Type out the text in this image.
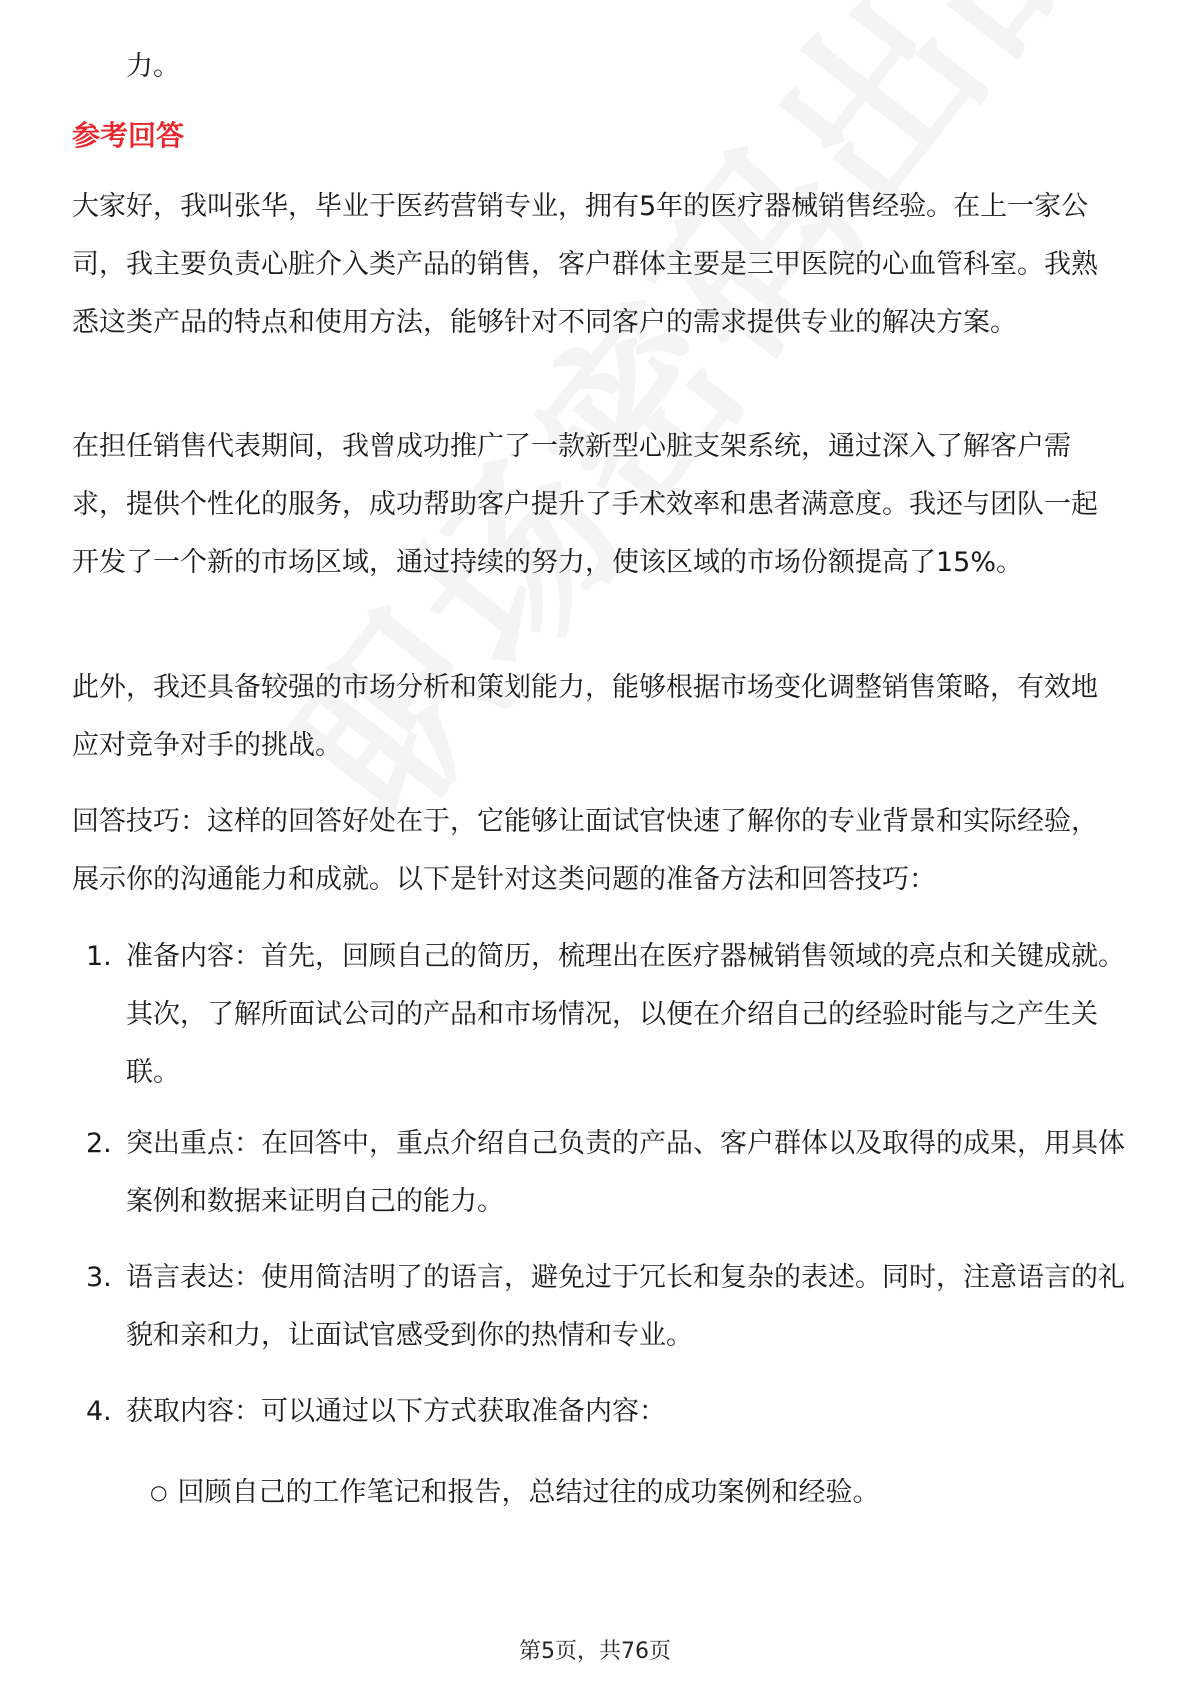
力。

参考回答

大家好，我叫张华，毕业于医药营销专业，拥有5年的医疗器械销售经验。在上一家公司，我主要负责心脏介入类产品的销售，客户群体主要是三甲医院的心血管科室。我熟悉这类产品的特点和使用方法，能够针对不同客户的需求提供专业的解决方案。

在担任销售代表期间，我曾成功推广了一款新型心脏支架系统，通过深入了解客户需求，提供个性化的服务，成功帮助客户提升了手术效率和患者满意度。我还与团队一起开发了一个新的市场区域，通过持续的努力，使该区域的市场份额提高了15%。

此外，我还具备较强的市场分析和策划能力，能够根据市场变化调整销售策略，有效地应对竞争对手的挑战。

回答技巧：这样的回答好处在于，它能够让面试官快速了解你的专业背景和实际经验，展示你的沟通能力和成就。以下是针对这类问题的准备方法和回答技巧：

1. 准备内容：首先，回顾自己的简历，梳理出在医疗器械销售领域的亮点和关键成就。其次，了解所面试公司的产品和市场情况，以便在介绍自己的经验时能与之产生关联。
2. 突出重点：在回答中，重点介绍自己负责的产品、客户群体以及取得的成果，用具体案例和数据来证明自己的能力。
3. 语言表达：使用简洁明了的语言，避免过于冗长和复杂的表述。同时，注意语言的礼貌和亲和力，让面试官感受到你的热情和专业。
4. 获取内容：可以通过以下方式获取准备内容：
○ 回顾自己的工作笔记和报告，总结过往的成功案例和经验。
第5页，共76页
